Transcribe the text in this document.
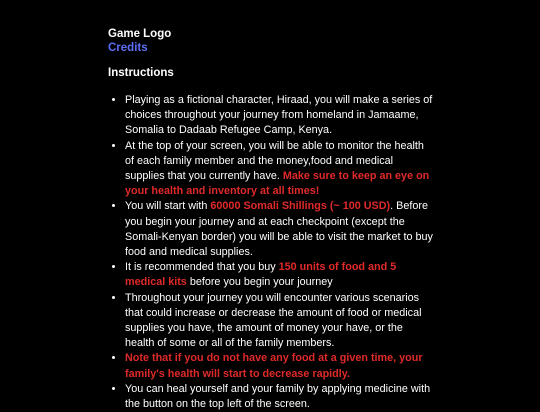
Game Logo
Credits
Instructions
• Playing as a fictional character, Hiraad, you will make a series of choices throughout your journey from homeland in Jamaame, Somalia to Dadaab Refugee Camp, Kenya.
• At the top of your screen, you will be able to monitor the health of each family member and the money,food and medical supplies that you currently have. Make sure to keep an eye on your health and inventory at all times!
• You will start with 60000 Somali Shillings (~ 100 USD). Before you begin your journey and at each checkpoint (except the Somali-Kenyan border) you will be able to visit the market to buy food and medical supplies.
• It is recommended that you buy 150 units of food and 5 medical kits before you begin your journey
• Throughout your journey you will encounter various scenarios that could increase or decrease the amount of food or medical supplies you have, the amount of money your have, or the health of some or all of the family members.
• Note that if you do not have any food at a given time, your family's health will start to decrease rapidly.
• You can heal yourself and your family by applying medicine with the button on the top left of the screen.
